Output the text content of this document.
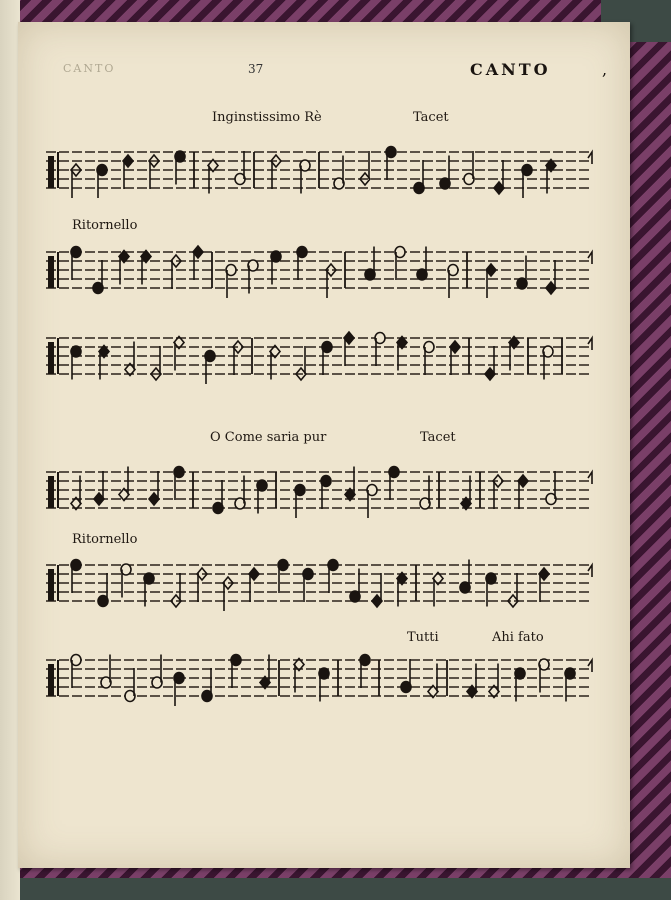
CANTO	37	CANTO	,
Inginstissimo Rè	Tacet
Ritornello
O Come saria pur	Tacet
Ritornello
Tutti	Ahi fato
